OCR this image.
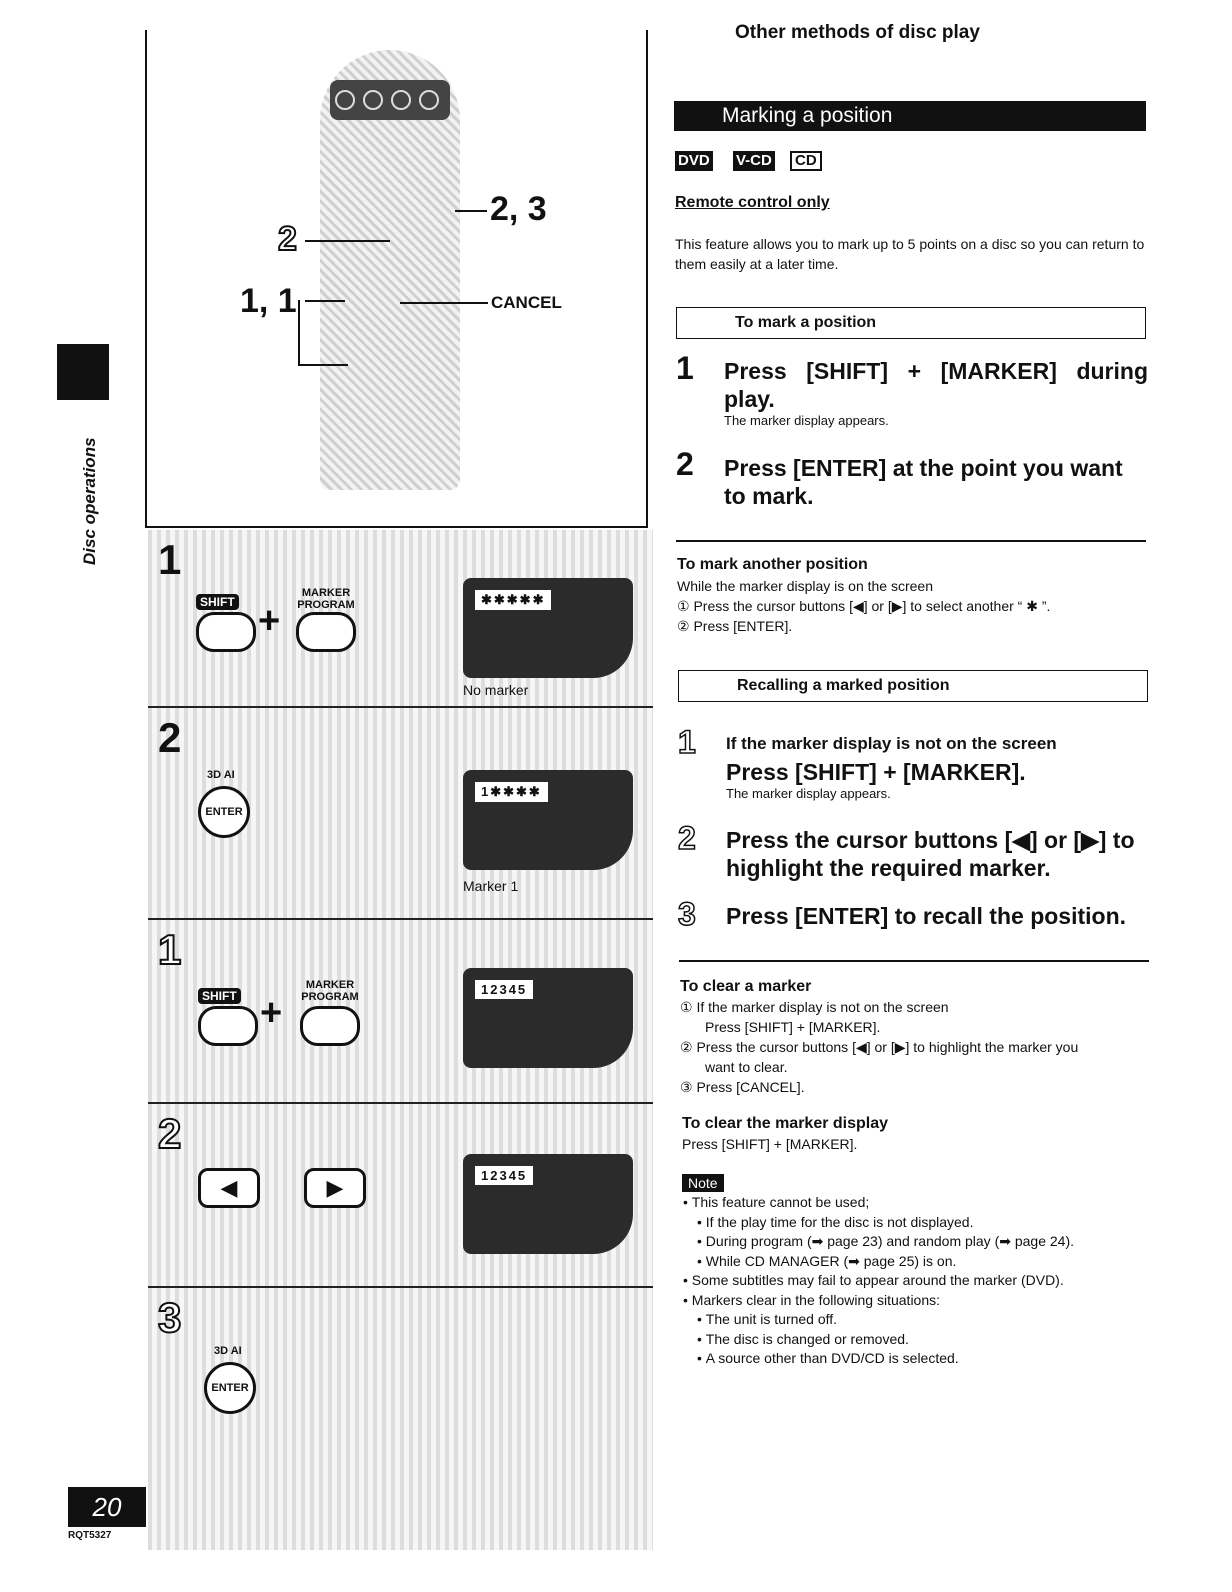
Disc operations
2, 3
2
1, 1	CANCEL
1
SHIFT +
MARKER PROGRAM	✱✱✱✱✱
No marker
2
3D AI
ENTER
1✱✱✱✱
Marker 1
1
SHIFT +
MARKER PROGRAM	12345
2
◀	▶	12345
3
3D AI
ENTER
20
RQT5327
Other methods of disc play
Marking a position
DVD V-CD	CD
Remote control only
This feature allows you to mark up to 5 points on a disc so you can return to them easily at a later time.
To mark a position
1 Press [SHIFT] + [MARKER] during play.
The marker display appears.
2 Press [ENTER] at the point you want to mark.
To mark another position
While the marker display is on the screen
① Press the cursor buttons [◀] or [▶] to select another “ ✱ ”.
② Press [ENTER].
Recalling a marked position
1 If the marker display is not on the screen
Press [SHIFT] + [MARKER].
The marker display appears.
2 Press the cursor buttons [◀] or [▶] to highlight the required marker.
3 Press [ENTER] to recall the position.
To clear a marker
① If the marker display is not on the screen
Press [SHIFT] + [MARKER].
② Press the cursor buttons [◀] or [▶] to highlight the marker you
want to clear.
③ Press [CANCEL].
To clear the marker display
Press [SHIFT] + [MARKER].
Note
• This feature cannot be used;
• If the play time for the disc is not displayed.
• During program (➡ page 23) and random play (➡ page 24).
• While CD MANAGER (➡ page 25) is on.
• Some subtitles may fail to appear around the marker (DVD).
• Markers clear in the following situations:
• The unit is turned off.
• The disc is changed or removed.
• A source other than DVD/CD is selected.
